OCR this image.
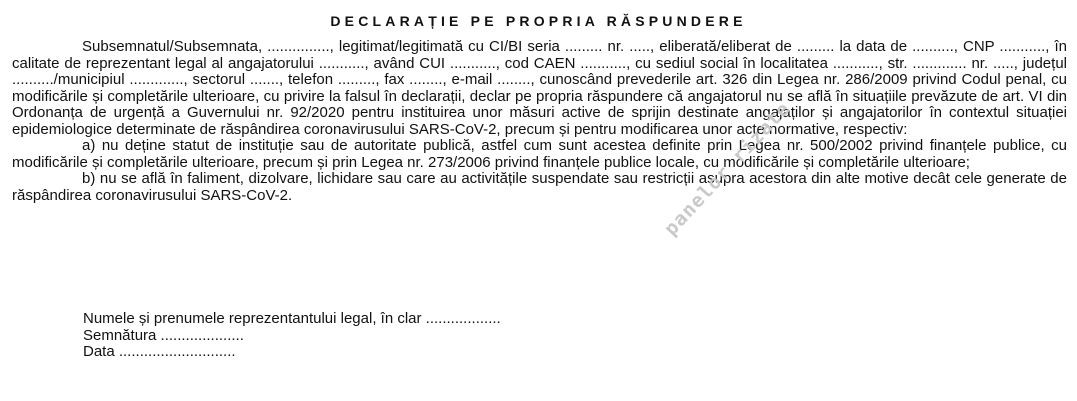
DECLARAȚIE PE PROPRIA RĂSPUNDERE

Subsemnatul/Subsemnata, ..............., legitimat/legitimată cu CI/BI seria ......... nr. ....., eliberată/eliberat de ......... la data de .........., CNP ..........., în calitate de reprezentant legal al angajatorului ..........., având CUI ..........., cod CAEN ..........., cu sediul social în localitatea ..........., str. ............. nr. ....., județul ........../municipiul ............., sectorul ......., telefon ........., fax ........, e-mail ........, cunoscând prevederile art. 326 din Legea nr. 286/2009 privind Codul penal, cu modificările și completările ulterioare, cu privire la falsul în declarații, declar pe propria răspundere că angajatorul nu se află în situațiile prevăzute de art. VI din Ordonanța de urgență a Guvernului nr. 92/2020 pentru instituirea unor măsuri active de sprijin destinate angajaților și angajatorilor în contextul situației epidemiologice determinate de răspândirea coronavirusului SARS-CoV-2, precum și pentru modificarea unor acte normative, respectiv:

a) nu deține statut de instituție sau de autoritate publică, astfel cum sunt acestea definite prin Legea nr. 500/2002 privind finanțele publice, cu modificările și completările ulterioare, precum și prin Legea nr. 273/2006 privind finanțele publice locale, cu modificările și completările ulterioare;

b) nu se află în faliment, dizolvare, lichidare sau care au activitățile suspendate sau restricții asupra acestora din alte motive decât cele generate de răspândirea coronavirusului SARS-CoV-2.

Numele și prenumele reprezentantului legal, în clar ..................
Semnătura ....................
Data ............................
panelor rizate
